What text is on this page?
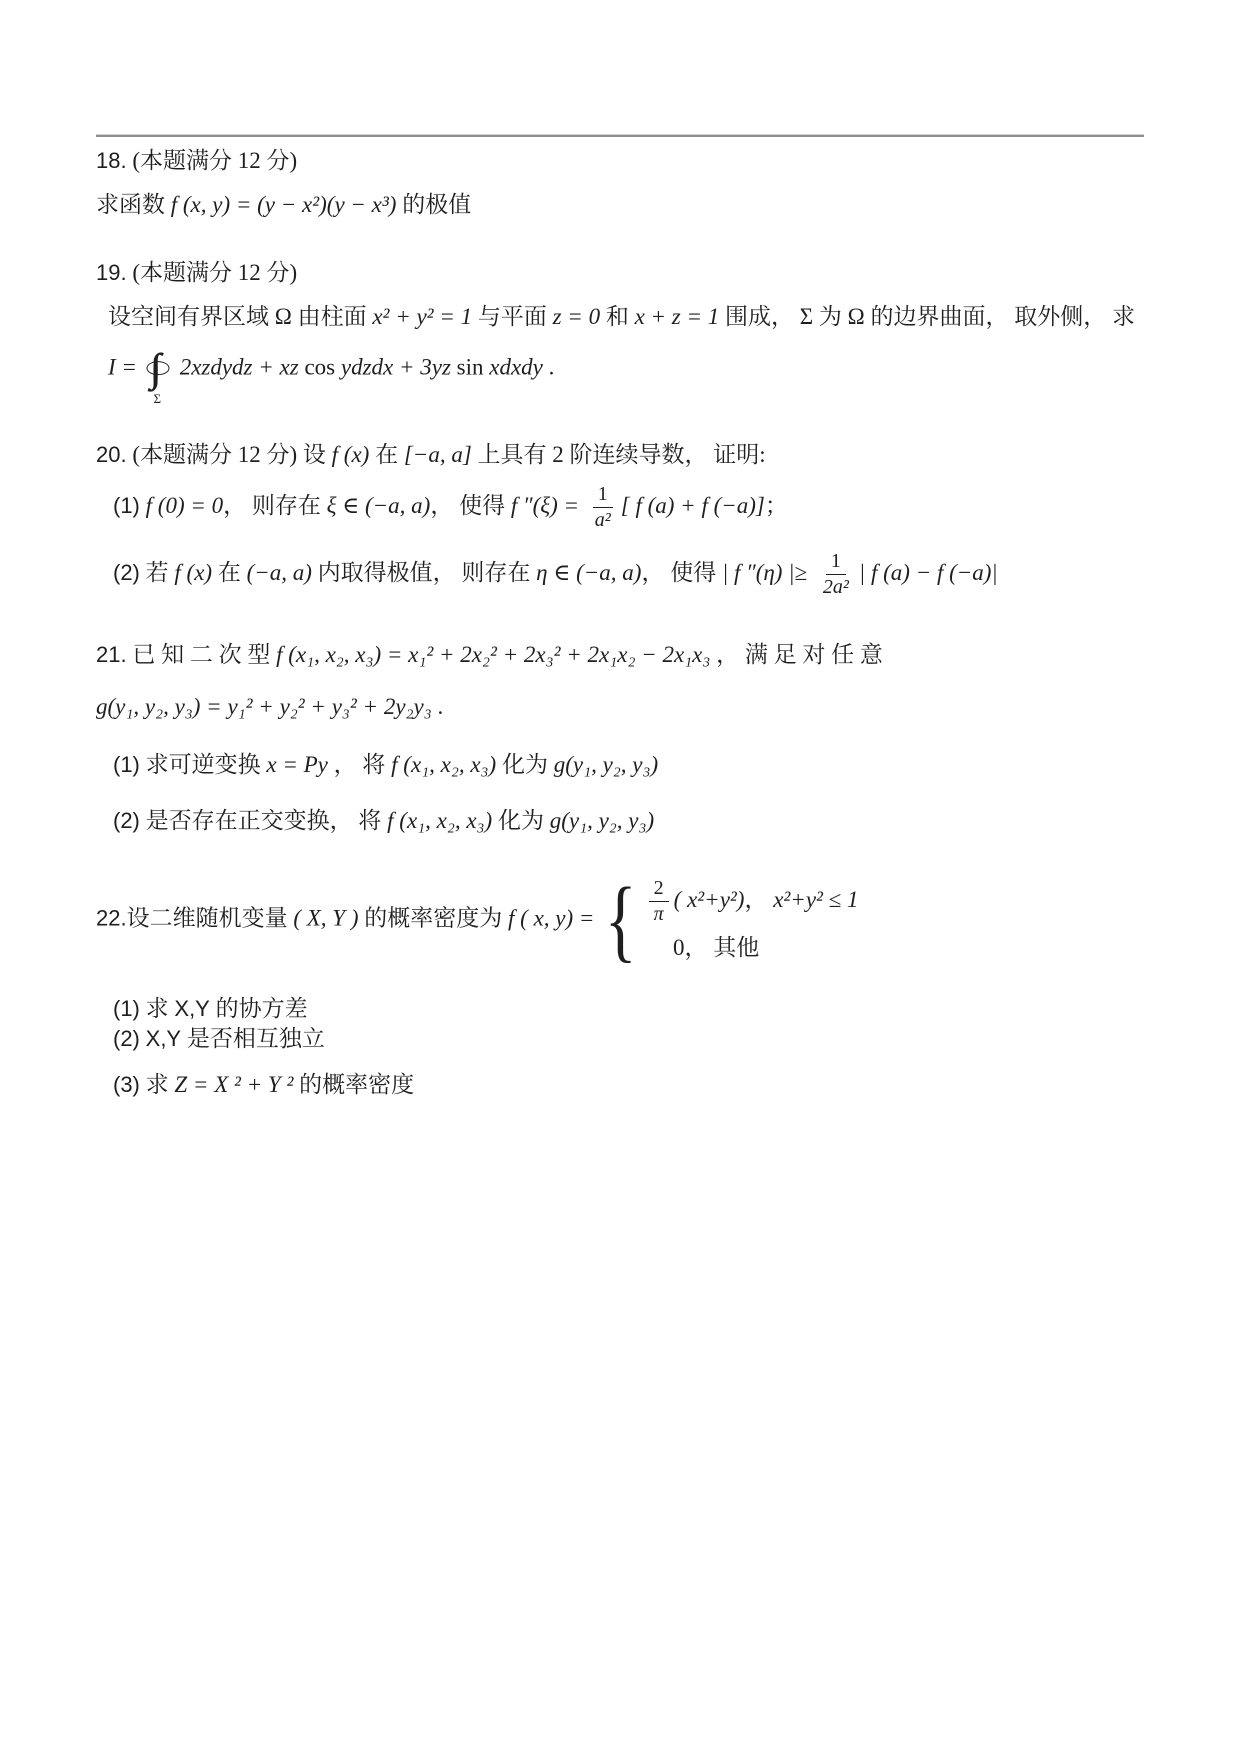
18. (本题满分 12 分)
求函数 f (x, y) = (y − x²)(y − x³) 的极值
19. (本题满分 12 分)
设空间有界区域 Ω 由柱面 x² + y² = 1 与平面 z = 0 和 x + z = 1 围成， Σ 为 Ω 的边界曲面， 取外侧， 求
I = ∫∫
Σ
2xzdydz + xz cos ydzdx + 3yz sin xdxdy .
20. (本题满分 12 分) 设 f (x) 在 [−a, a] 上具有 2 阶连续导数， 证明:
(1) f (0) = 0， 则存在 ξ ∈ (−a, a)， 使得 f $''(\xi) = \frac{1}{\text{a²}}$ [ f (a) + f (−a)]；
(2) 若 f (x) 在 (−a, a) 内取得极值， 则存在 η ∈ (−a, a)， 使得 | f ″(η) |≥ $\frac{1}{\text{2a²}}$ | f (a) − f (−a)|
21. 已 知 二 次 型 f (x₁, x₂, x₃) = x₁² + 2x₂² + 2x₃² + 2x₁x₂ − 2x₁x₃ ， 满 足 对 任 意
g(y₁, y₂, y₃) = y₁² + y₂² + y₃² + 2y₂y₃ .
(1) 求可逆变换 x = Py ， 将 f (x₁, x₂, x₃) 化为 g(y₁, y₂, y₃)
(2) 是否存在正交变换， 将 f (x₁, x₂, x₃) 化为 g(y₁, y₂, y₃)
22.设二维随机变量 ( X, Y ) 的概率密度为 f ( x, y) = { $\frac{2}{\pi}$ ( x²+y²)， x²+y² ≤ 1
0， 其他
(1) 求 X,Y 的协方差
(2) X,Y 是否相互独立
(3) 求 Z = X ² + Y ² 的概率密度
